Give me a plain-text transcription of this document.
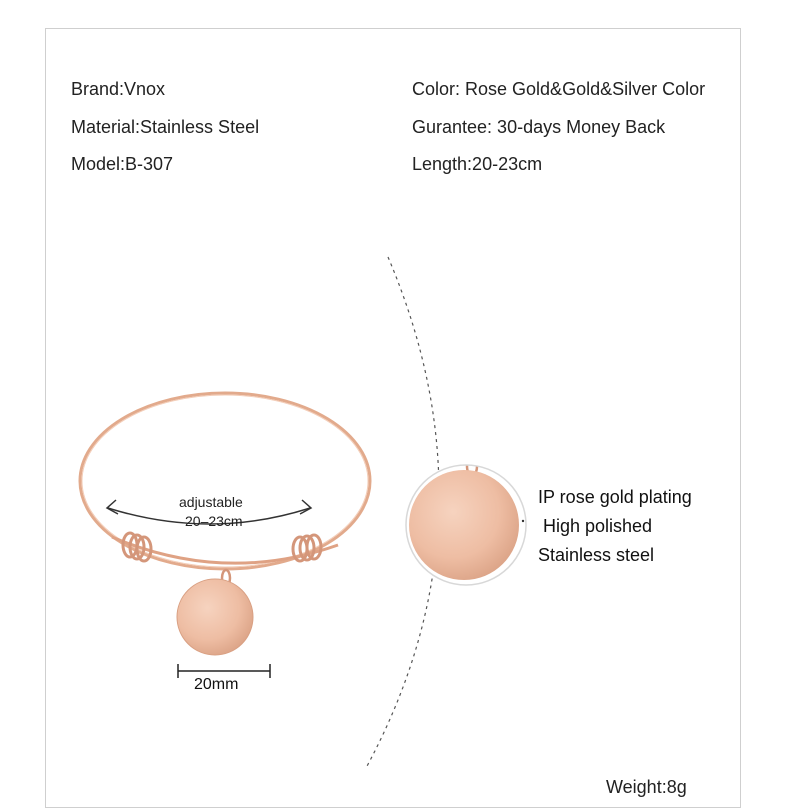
Brand:Vnox
Material:Stainless Steel
Model:B-307
Color: Rose Gold&Gold&Silver Color
Gurantee: 30-days Money Back
Length:20-23cm
adjustable
20–23cm
20mm
IP rose gold plating
High polished
Stainless steel
Weight:8g
